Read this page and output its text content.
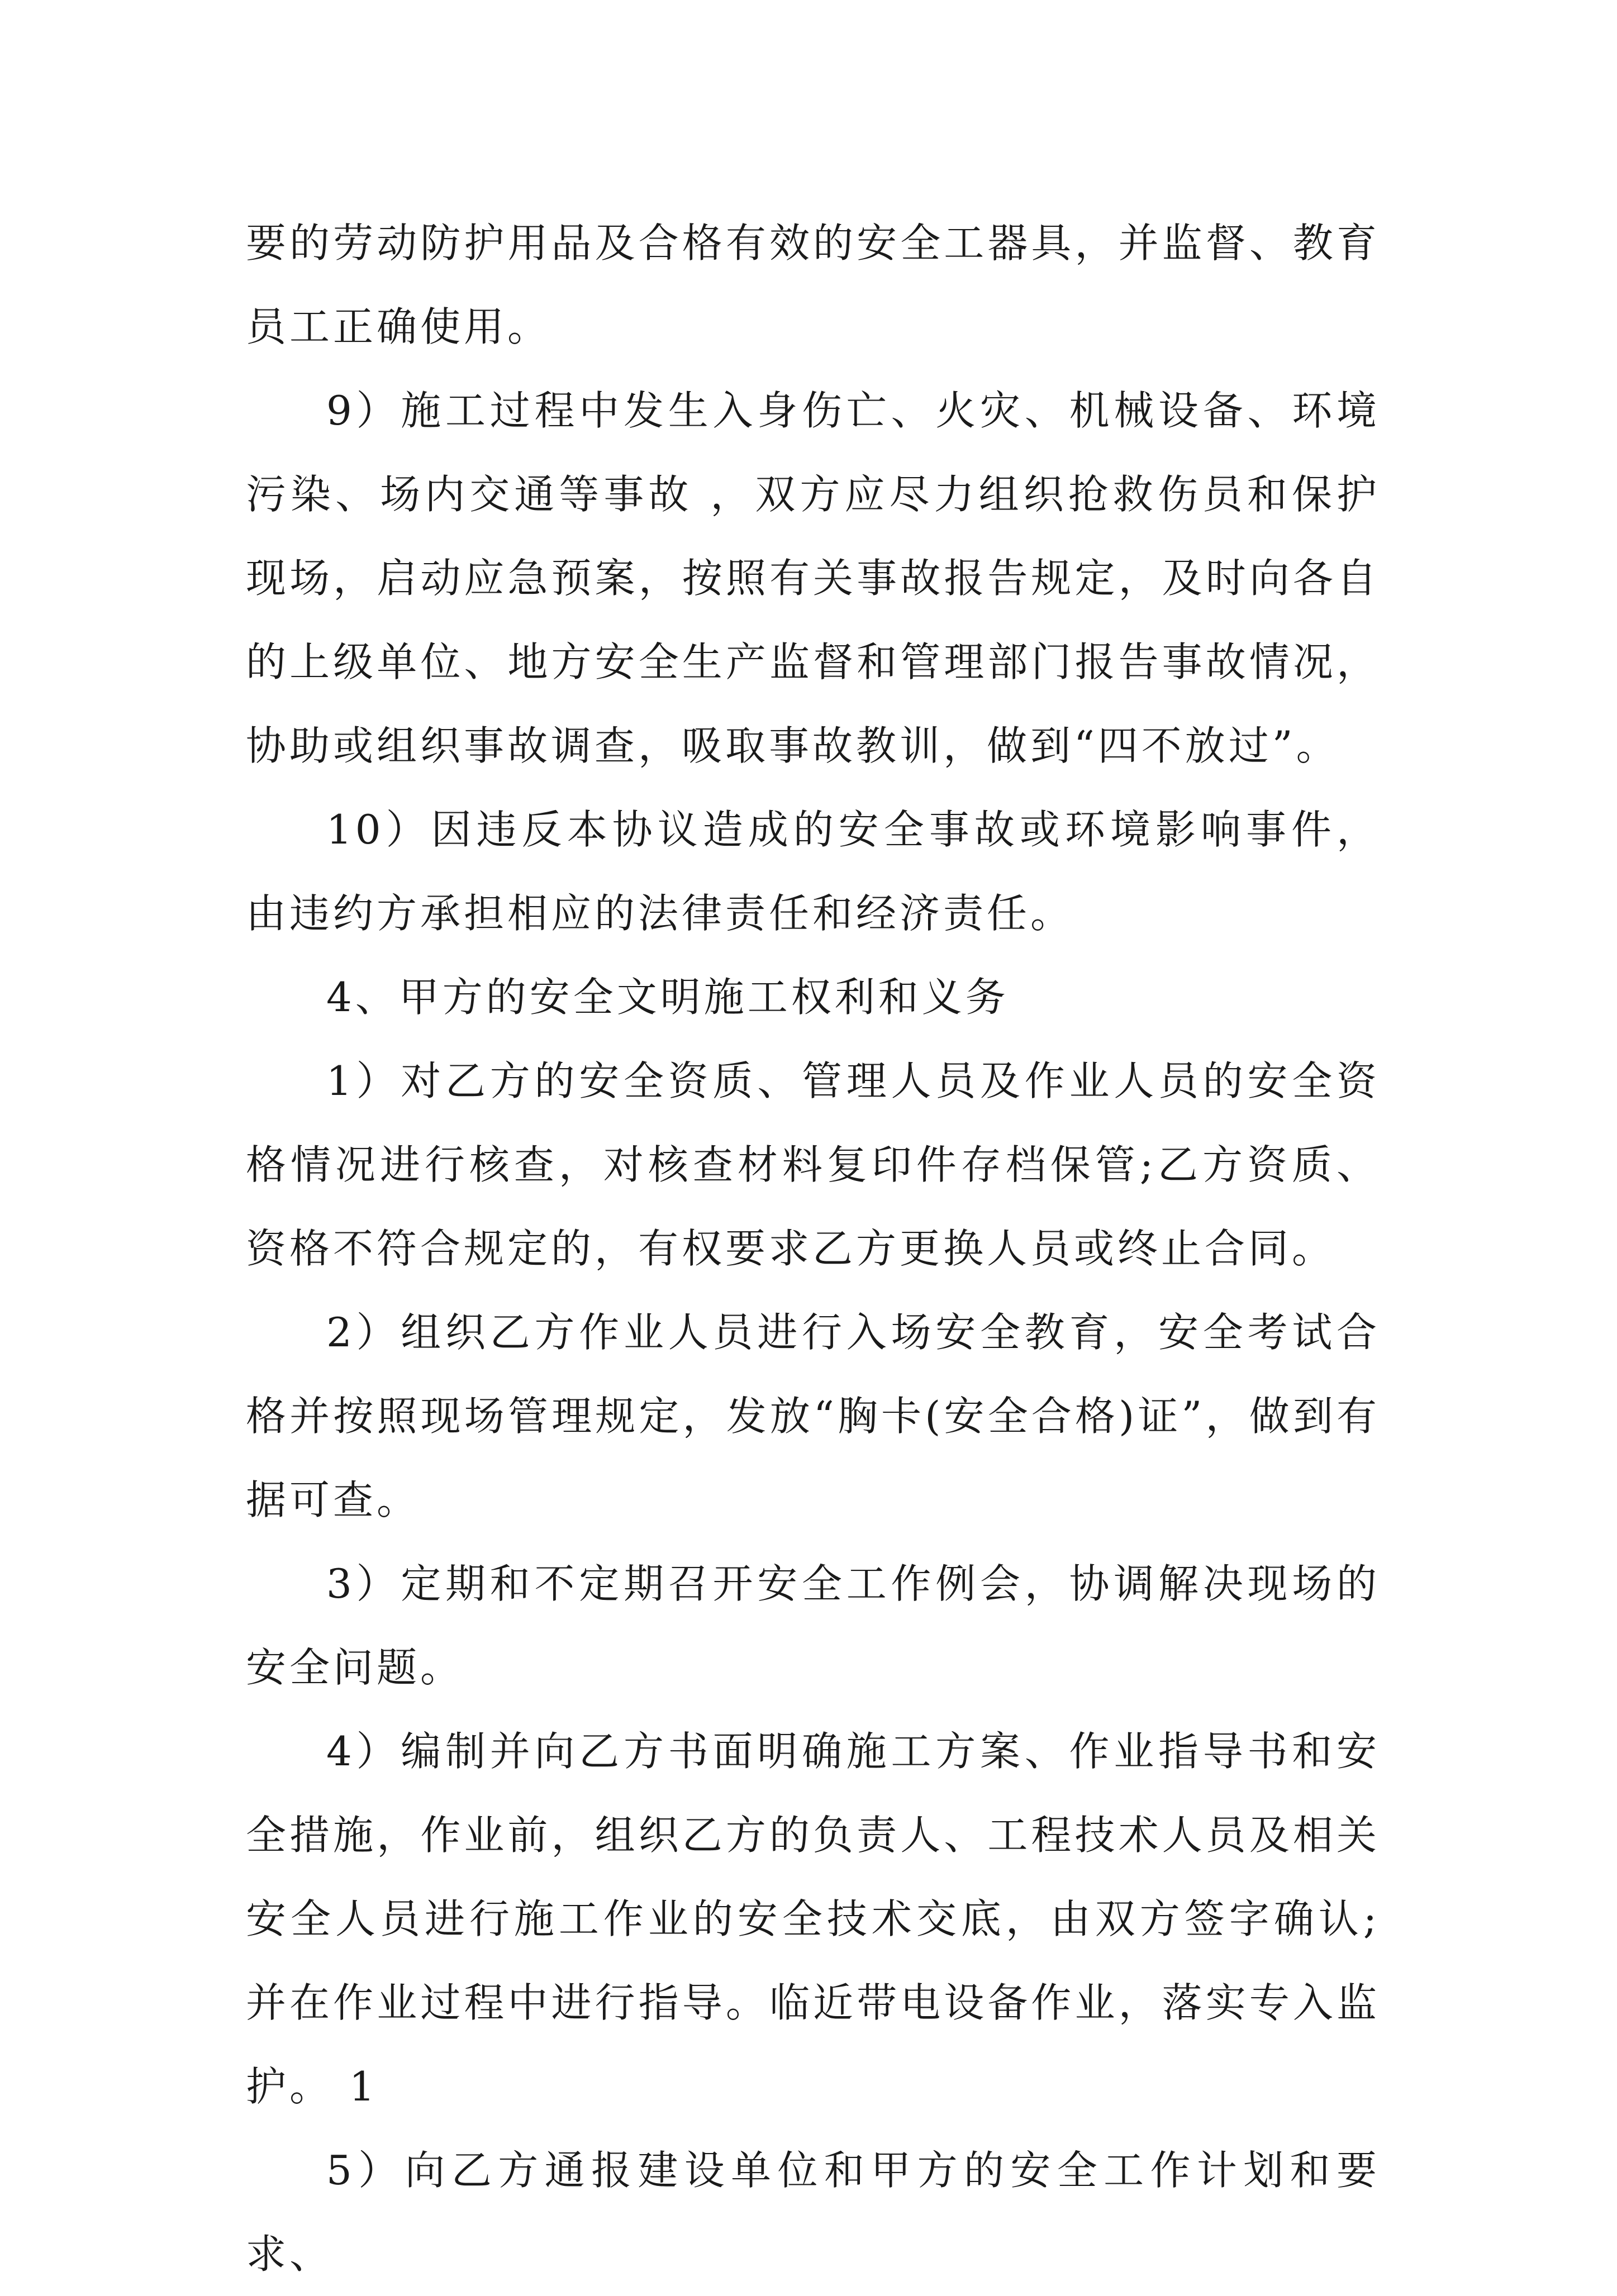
要的劳动防护用品及合格有效的安全工器具，并监督、教育员工正确使用。

9）施工过程中发生入身伤亡、火灾、机械设备、环境污染、场内交通等事故 ，双方应尽力组织抢救伤员和保护现场，启动应急预案，按照有关事故报告规定，及时向各自的上级单位、地方安全生产监督和管理部门报告事故情况，协助或组织事故调查，吸取事故教训，做到“四不放过”。

10）因违反本协议造成的安全事故或环境影响事件，由违约方承担相应的法律责任和经济责任。

4、甲方的安全文明施工权利和义务

1）对乙方的安全资质、管理人员及作业人员的安全资格情况进行核查，对核查材料复印件存档保管;乙方资质、资格不符合规定的，有权要求乙方更换人员或终止合同。

2）组织乙方作业人员进行入场安全教育，安全考试合格并按照现场管理规定，发放“胸卡(安全合格)证”，做到有据可查。

3）定期和不定期召开安全工作例会，协调解决现场的安全问题。

4）编制并向乙方书面明确施工方案、作业指导书和安全措施，作业前，组织乙方的负责人、工程技术人员及相关安全人员进行施工作业的安全技术交底，由双方签字确认;并在作业过程中进行指导。临近带电设备作业，落实专入监护。 1

5）向乙方通报建设单位和甲方的安全工作计划和要求、
